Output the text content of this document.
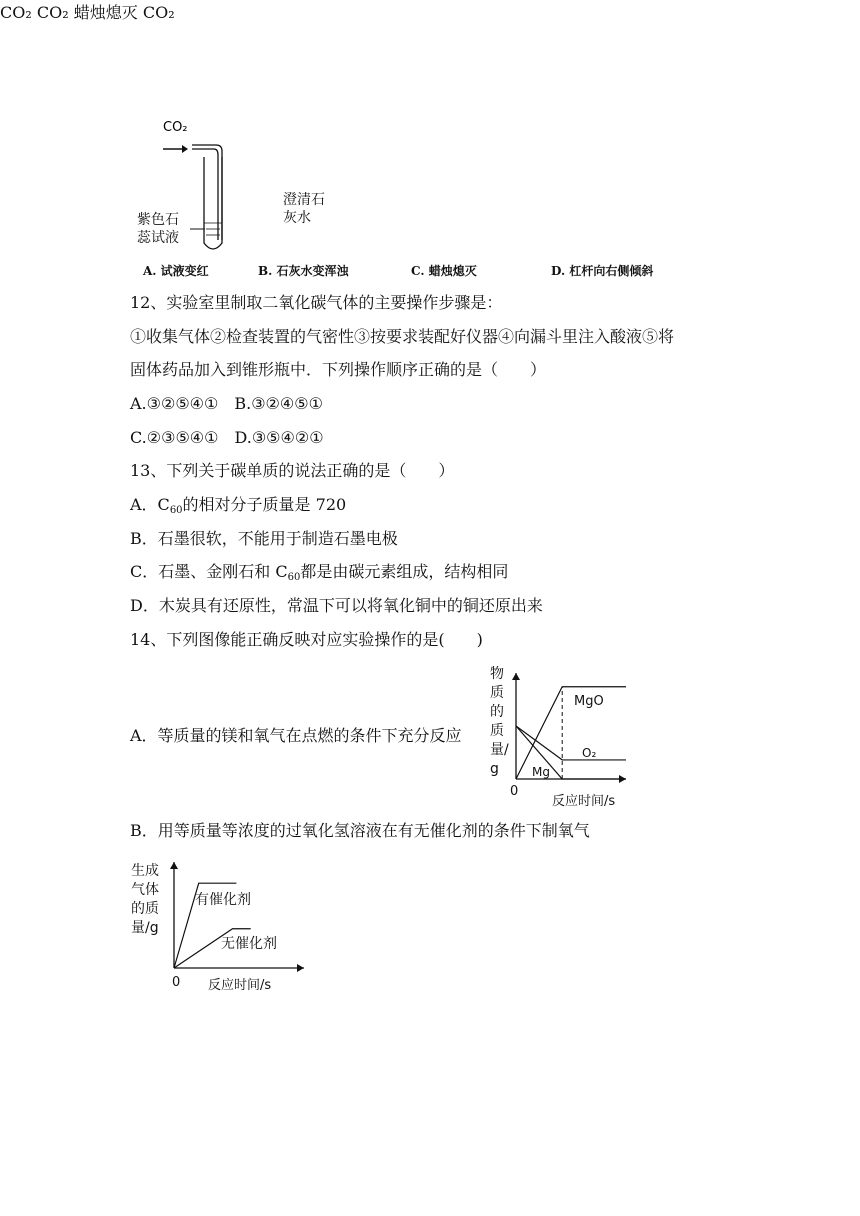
CO₂
CO₂ CO₂ 蜡烛熄灭 CO₂
紫色石
蕊试液
澄清石
灰水
A. 试液变红	B. 石灰水变浑浊	C. 蜡烛熄灭	D. 杠杆向右侧倾斜
12、实验室里制取二氧化碳气体的主要操作步骤是：
①收集气体②检查装置的气密性③按要求装配好仪器④向漏斗里注入酸液⑤将
固体药品加入到锥形瓶中．下列操作顺序正确的是（　　）
A.③②⑤④①　B.③②④⑤①
C.②③⑤④①　D.③⑤④②①
13、下列关于碳单质的说法正确的是（　　）
A．C60的相对分子质量是 720
B．石墨很软，不能用于制造石墨电极
C．石墨、金刚石和 C60都是由碳元素组成，结构相同
D．木炭具有还原性，常温下可以将氧化铜中的铜还原出来
14、下列图像能正确反映对应实验操作的是(　　)
A．等质量的镁和氧气在点燃的条件下充分反应
B．用等质量等浓度的过氧化氢溶液在有无催化剂的条件下制氧气
物质的质量/g
0
反应时间/s
MgO
O₂
Mg
生成气体的质量/g
0 反应时间/s
有催化剂
无催化剂
